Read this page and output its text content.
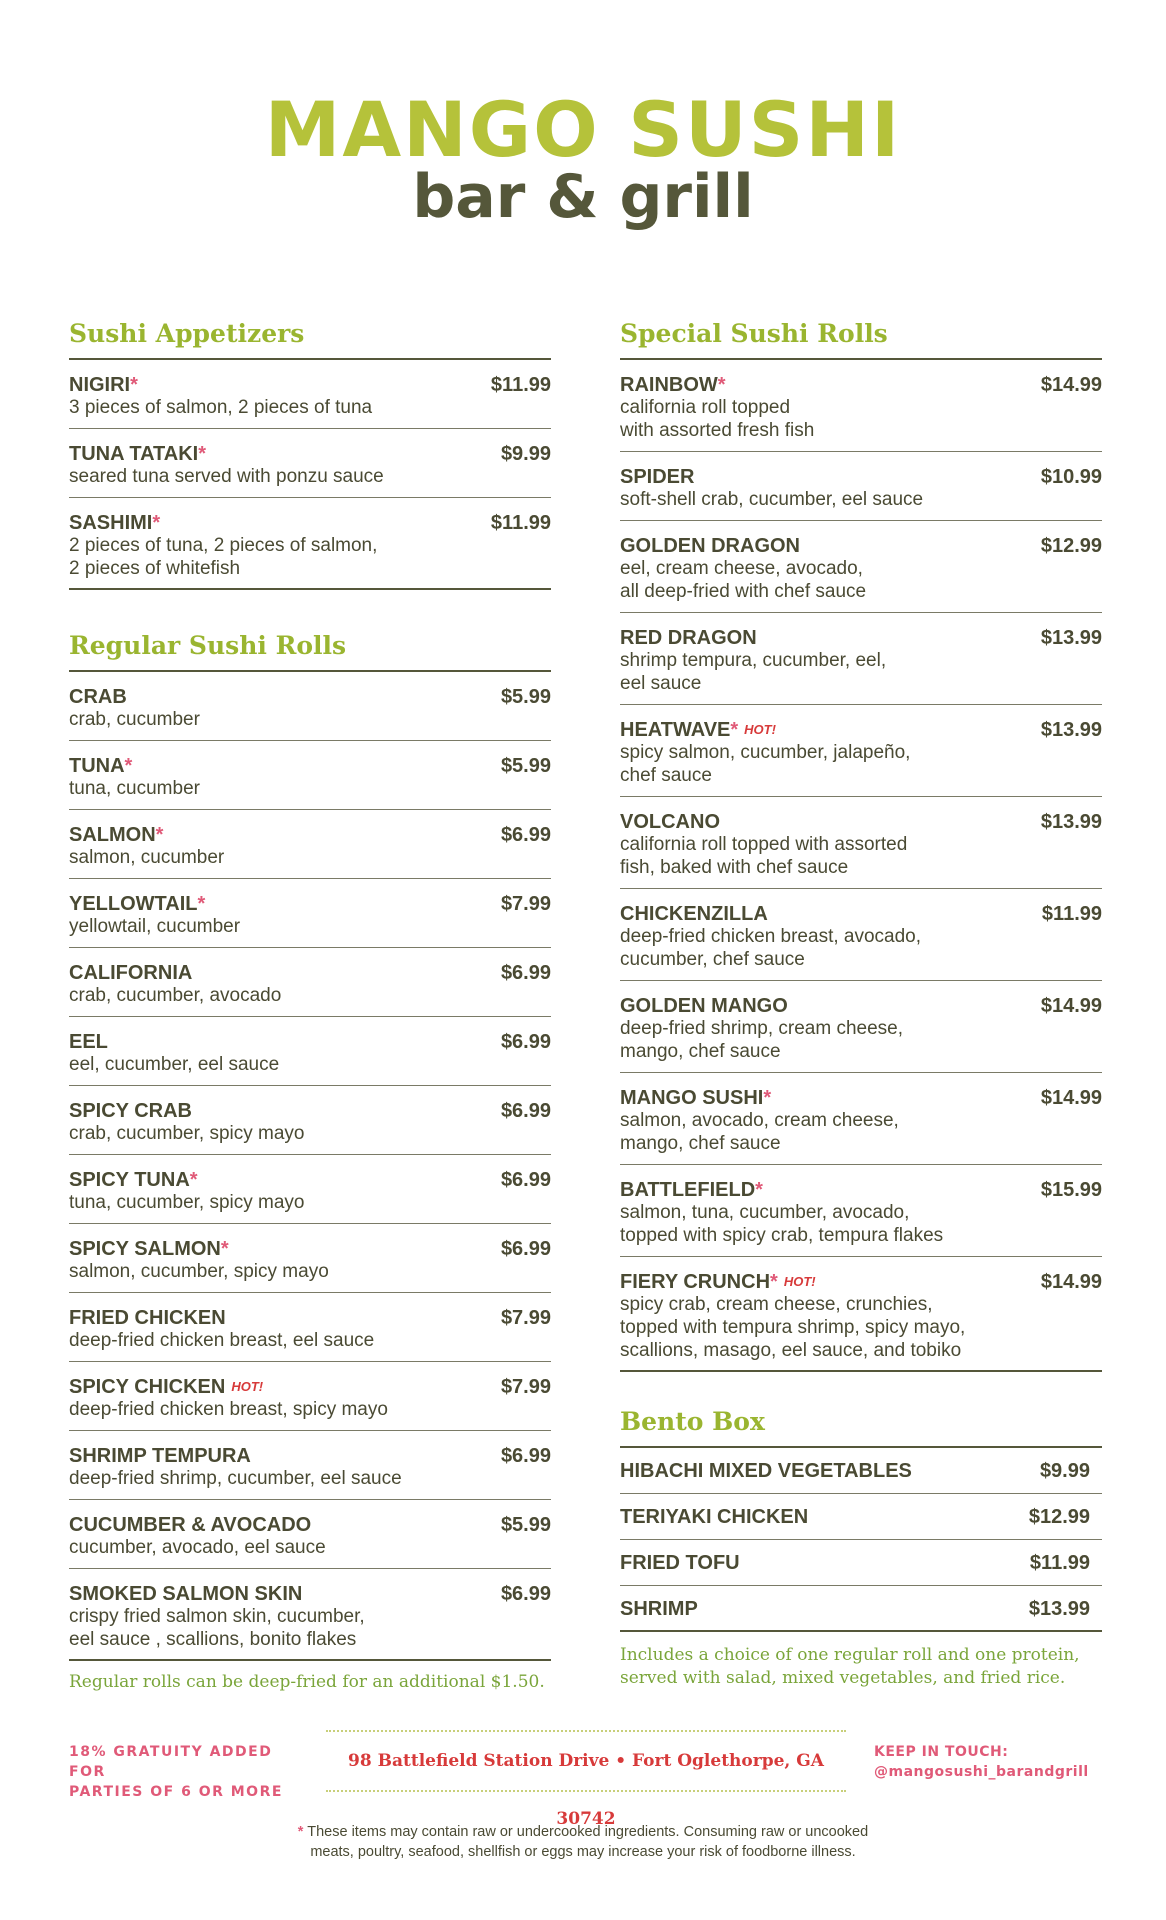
MANGO SUSHI
bar & grill
Sushi Appetizers
NIGIRI*
3 pieces of salmon, 2 pieces of tuna
$11.99
TUNA TATAKI*
seared tuna served with ponzu sauce
$9.99
SASHIMI*
2 pieces of tuna, 2 pieces of salmon,
2 pieces of whitefish
$11.99
Regular Sushi Rolls
CRAB
crab, cucumber
$5.99
TUNA*
tuna, cucumber
$5.99
SALMON*
salmon, cucumber
$6.99
YELLOWTAIL*
yellowtail, cucumber
$7.99
CALIFORNIA
crab, cucumber, avocado
$6.99
EEL
eel, cucumber, eel sauce
$6.99
SPICY CRAB
crab, cucumber, spicy mayo
$6.99
SPICY TUNA*
tuna, cucumber, spicy mayo
$6.99
SPICY SALMON*
salmon, cucumber, spicy mayo
$6.99
FRIED CHICKEN
deep-fried chicken breast, eel sauce
$7.99
SPICY CHICKEN HOT!
deep-fried chicken breast, spicy mayo
$7.99
SHRIMP TEMPURA
deep-fried shrimp, cucumber, eel sauce
$6.99
CUCUMBER & AVOCADO
cucumber, avocado, eel sauce
$5.99
SMOKED SALMON SKIN
crispy fried salmon skin, cucumber,
eel sauce , scallions, bonito flakes
$6.99
Regular rolls can be deep-fried for an additional $1.50.
Special Sushi Rolls
RAINBOW*
california roll topped
with assorted fresh fish
$14.99
SPIDER
soft-shell crab, cucumber, eel sauce
$10.99
GOLDEN DRAGON
eel, cream cheese, avocado,
all deep-fried with chef sauce
$12.99
RED DRAGON
shrimp tempura, cucumber, eel,
eel sauce
$13.99
HEATWAVE* HOT!
spicy salmon, cucumber, jalapeño,
chef sauce
$13.99
VOLCANO
california roll topped with assorted
fish, baked with chef sauce
$13.99
CHICKENZILLA
deep-fried chicken breast, avocado,
cucumber, chef sauce
$11.99
GOLDEN MANGO
deep-fried shrimp, cream cheese,
mango, chef sauce
$14.99
MANGO SUSHI*
salmon, avocado, cream cheese,
mango, chef sauce
$14.99
BATTLEFIELD*
salmon, tuna, cucumber, avocado,
topped with spicy crab, tempura flakes
$15.99
FIERY CRUNCH* HOT!
spicy crab, cream cheese, crunchies,
topped with tempura shrimp, spicy mayo,
scallions, masago, eel sauce, and tobiko
$14.99
Bento Box
HIBACHI MIXED VEGETABLES	$9.99
TERIYAKI CHICKEN	$12.99
FRIED TOFU	$11.99
SHRIMP	$13.99
Includes a choice of one regular roll and one protein,
served with salad, mixed vegetables, and fried rice.
18% GRATUITY ADDED FOR
PARTIES OF 6 OR MORE
98 Battlefield Station Drive • Fort Oglethorpe, GA 30742
KEEP IN TOUCH:
@mangosushi_barandgrill
* These items may contain raw or undercooked ingredients. Consuming raw or uncooked
meats, poultry, seafood, shellfish or eggs may increase your risk of foodborne illness.
